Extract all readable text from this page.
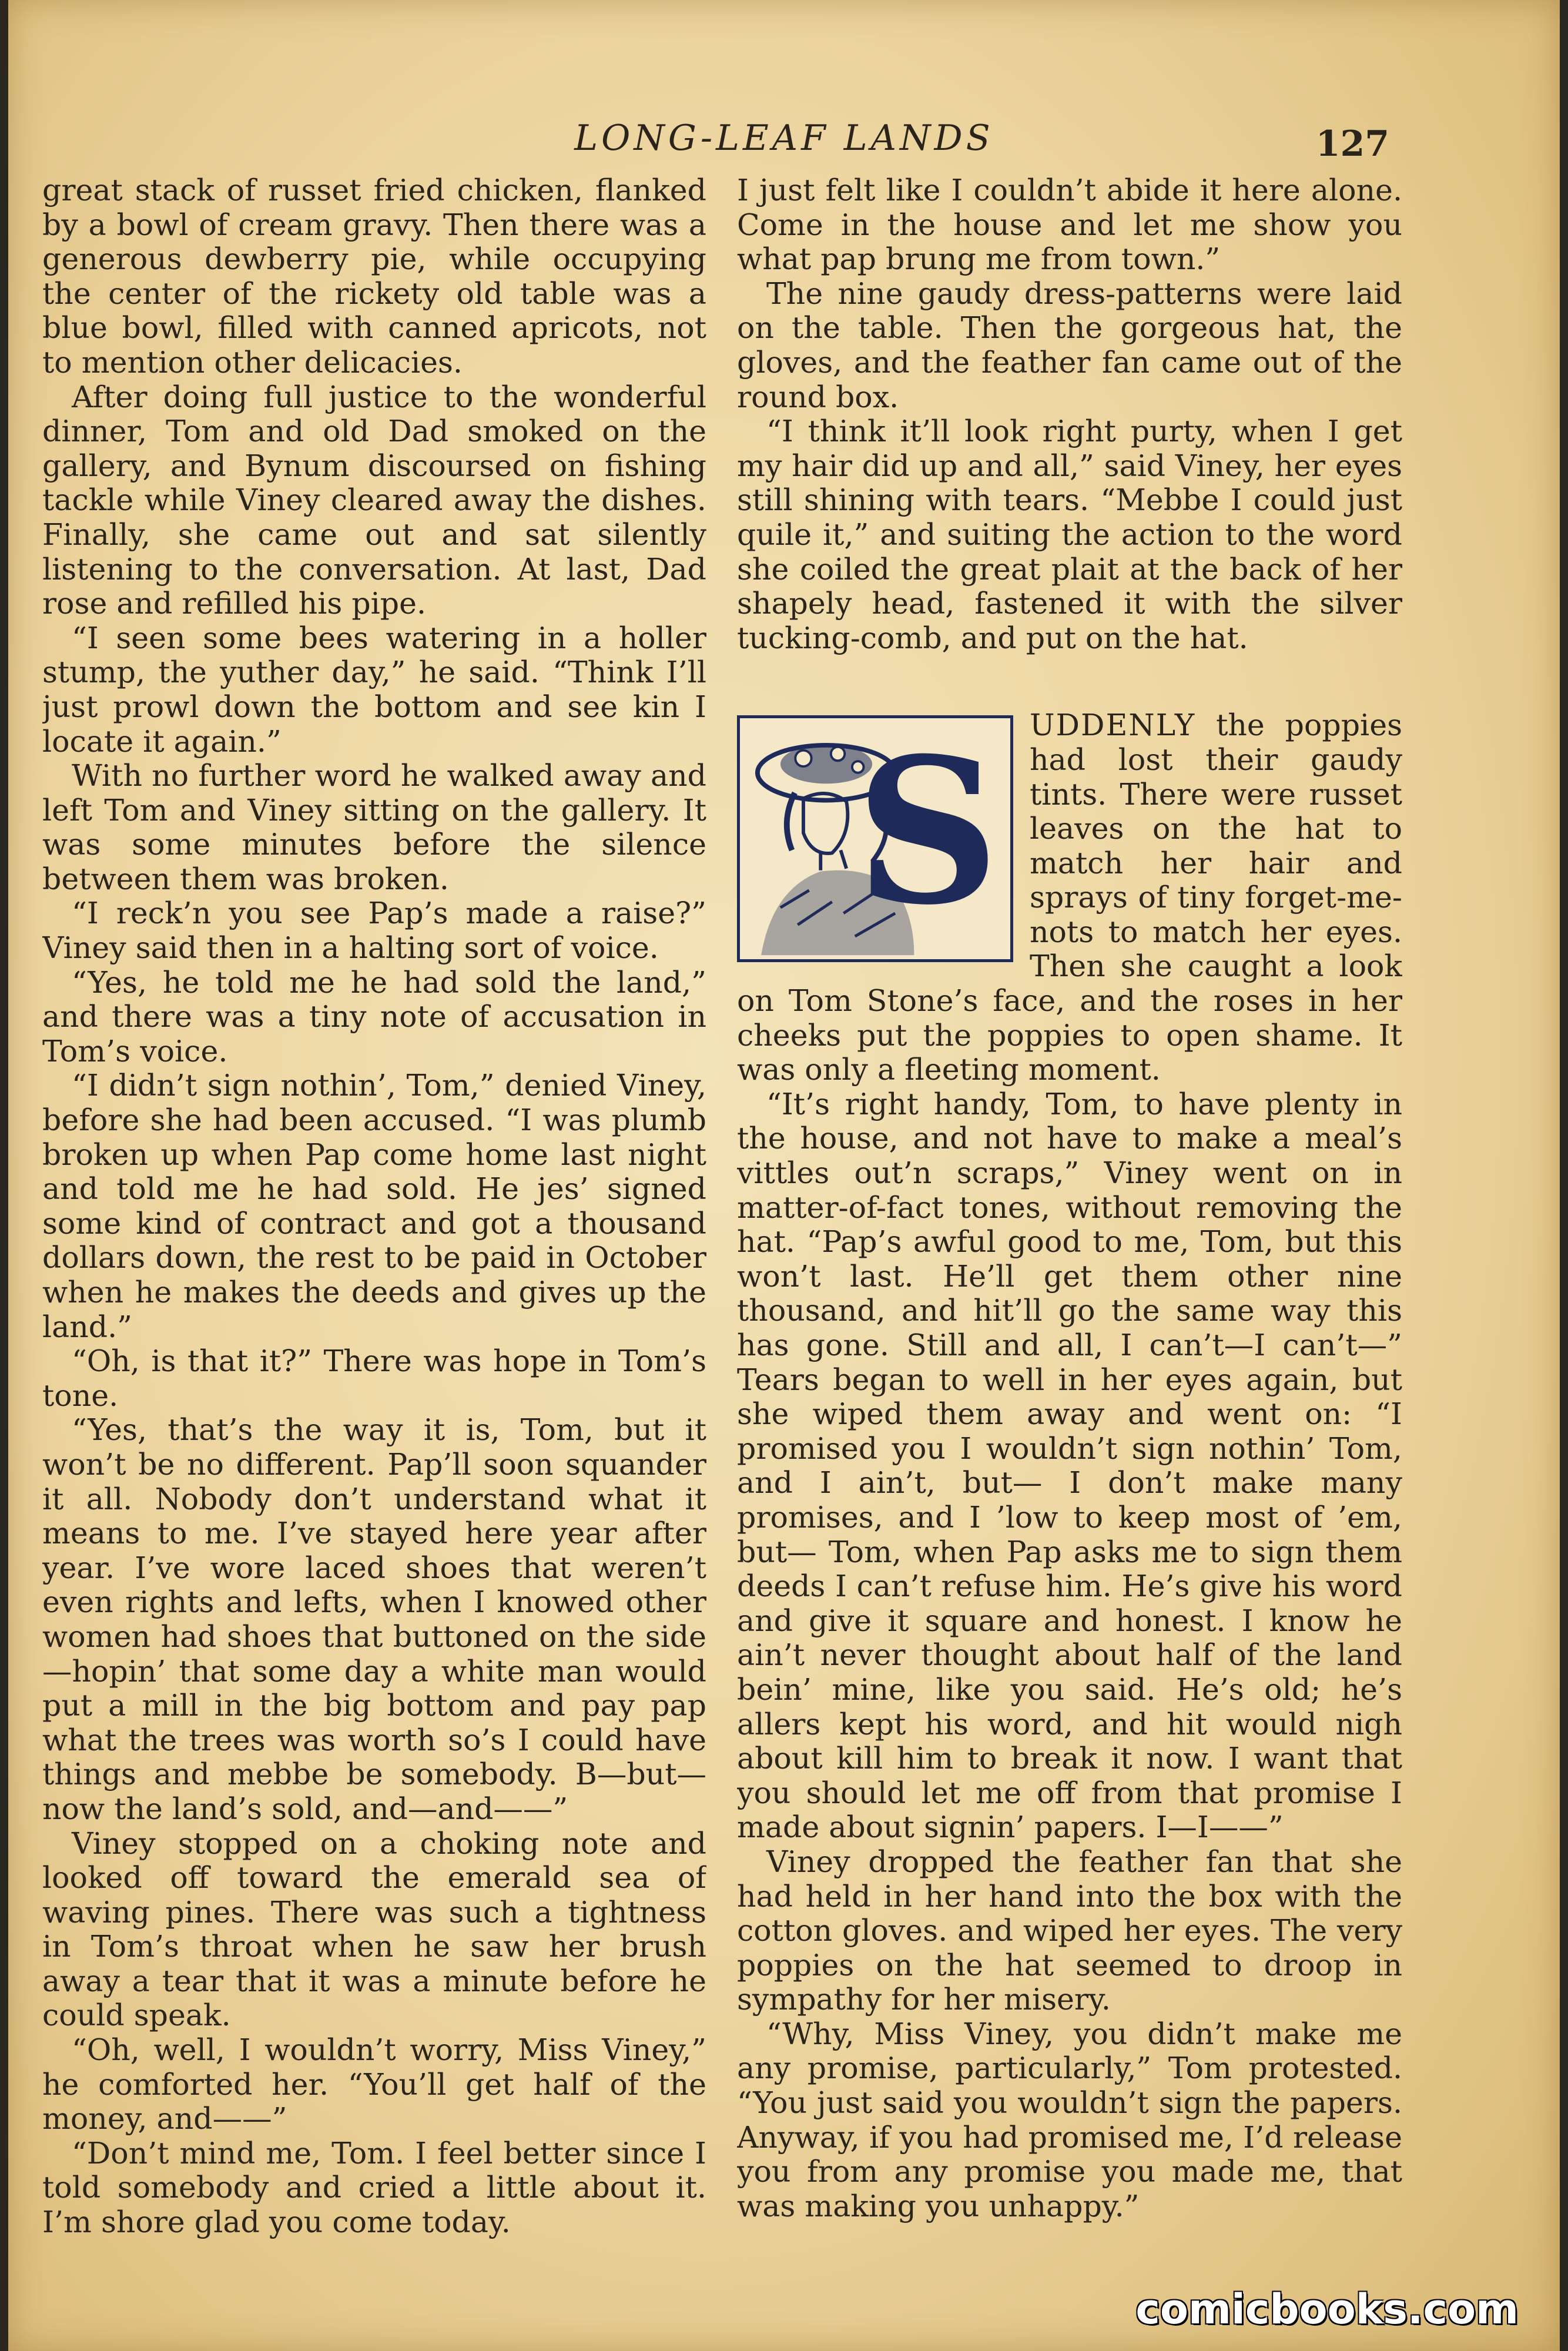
LONG-LEAF LANDS	127

great stack of russet fried chicken, flanked by a bowl of cream gravy. Then there was a generous dewberry pie, while occupying the center of the rickety old table was a blue bowl, filled with canned apricots, not to mention other delicacies.

After doing full justice to the wonderful dinner, Tom and old Dad smoked on the gallery, and Bynum discoursed on fishing tackle while Viney cleared away the dishes. Finally, she came out and sat silently listening to the conversation. At last, Dad rose and refilled his pipe.

“I seen some bees watering in a holler stump, the yuther day,” he said. “Think I’ll just prowl down the bottom and see kin I locate it again.”

With no further word he walked away and left Tom and Viney sitting on the gallery. It was some minutes before the silence between them was broken.

“I reck’n you see Pap’s made a raise?” Viney said then in a halting sort of voice.

“Yes, he told me he had sold the land,” and there was a tiny note of accusation in Tom’s voice.

“I didn’t sign nothin’, Tom,” denied Viney, before she had been accused. “I was plumb broken up when Pap come home last night and told me he had sold. He jes’ signed some kind of contract and got a thousand dollars down, the rest to be paid in October when he makes the deeds and gives up the land.”

“Oh, is that it?” There was hope in Tom’s tone.

“Yes, that’s the way it is, Tom, but it won’t be no different. Pap’ll soon squander it all. Nobody don’t understand what it means to me. I’ve stayed here year after year. I’ve wore laced shoes that weren’t even rights and lefts, when I knowed other women had shoes that buttoned on the side—hopin’ that some day a white man would put a mill in the big bottom and pay pap what the trees was worth so’s I could have things and mebbe be somebody. B—but—now the land’s sold, and—and——”

Viney stopped on a choking note and looked off toward the emerald sea of waving pines. There was such a tightness in Tom’s throat when he saw her brush away a tear that it was a minute before he could speak.

“Oh, well, I wouldn’t worry, Miss Viney,” he comforted her. “You’ll get half of the money, and——”

“Don’t mind me, Tom. I feel better since I told somebody and cried a little about it. I’m shore glad you come today.

I just felt like I couldn’t abide it here alone. Come in the house and let me show you what pap brung me from town.”

The nine gaudy dress-patterns were laid on the table. Then the gorgeous hat, the gloves, and the feather fan came out of the round box.

“I think it’ll look right purty, when I get my hair did up and all,” said Viney, her eyes still shining with tears. “Mebbe I could just quile it,” and suiting the action to the word she coiled the great plait at the back of her shapely head, fastened it with the silver tucking-comb, and put on the hat.

S UDDENLY the poppies had lost their gaudy tints. There were russet leaves on the hat to match her hair and sprays of tiny forget-me-nots to match her eyes. Then she caught a look on Tom Stone’s face, and the roses in her cheeks put the poppies to open shame. It was only a fleeting moment.

“It’s right handy, Tom, to have plenty in the house, and not have to make a meal’s vittles out’n scraps,” Viney went on in matter-of-fact tones, without removing the hat. “Pap’s awful good to me, Tom, but this won’t last. He’ll get them other nine thousand, and hit’ll go the same way this has gone. Still and all, I can’t—I can’t—” Tears began to well in her eyes again, but she wiped them away and went on: “I promised you I wouldn’t sign nothin’ Tom, and I ain’t, but— I don’t make many promises, and I ’low to keep most of ’em, but— Tom, when Pap asks me to sign them deeds I can’t refuse him. He’s give his word and give it square and honest. I know he ain’t never thought about half of the land bein’ mine, like you said. He’s old; he’s allers kept his word, and hit would nigh about kill him to break it now. I want that you should let me off from that promise I made about signin’ papers. I—I——”

Viney dropped the feather fan that she had held in her hand into the box with the cotton gloves. and wiped her eyes. The very poppies on the hat seemed to droop in sympathy for her misery.

“Why, Miss Viney, you didn’t make me any promise, particularly,” Tom protested. “You just said you wouldn’t sign the papers. Anyway, if you had promised me, I’d release you from any promise you made me, that was making you unhappy.”

comicbooks.com
